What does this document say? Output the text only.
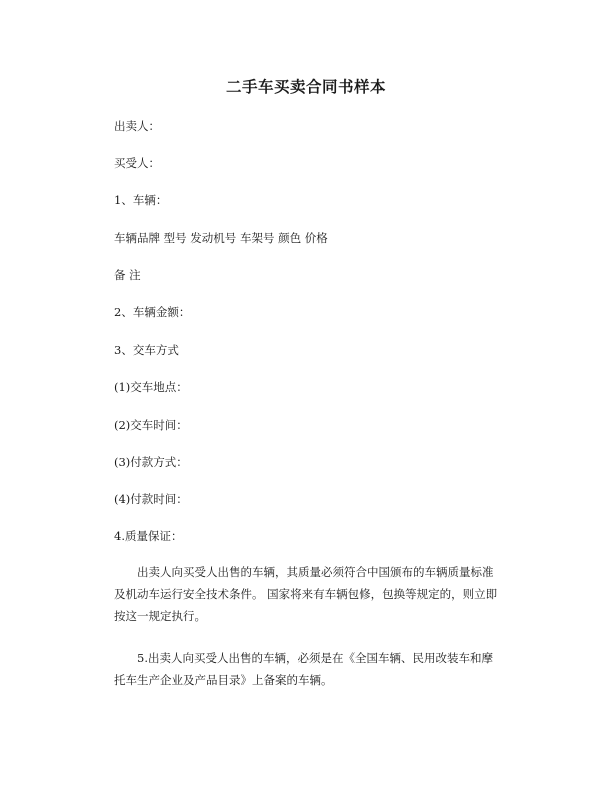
二手车买卖合同书样本
出卖人：
买受人：
1、车辆：
车辆品牌 型号 发动机号 车架号 颜色 价格
备 注
2、车辆金额：
3、交车方式
(1)交车地点：
(2)交车时间：
(3)付款方式：
(4)付款时间：
4.质量保证：
出卖人向买受人出售的车辆，其质量必须符合中国颁布的车辆质量标准及机动车运行安全技术条件。 国家将来有车辆包修，包换等规定的，则立即按这一规定执行。
5.出卖人向买受人出售的车辆，必须是在《全国车辆、民用改装车和摩托车生产企业及产品目录》上备案的车辆。
